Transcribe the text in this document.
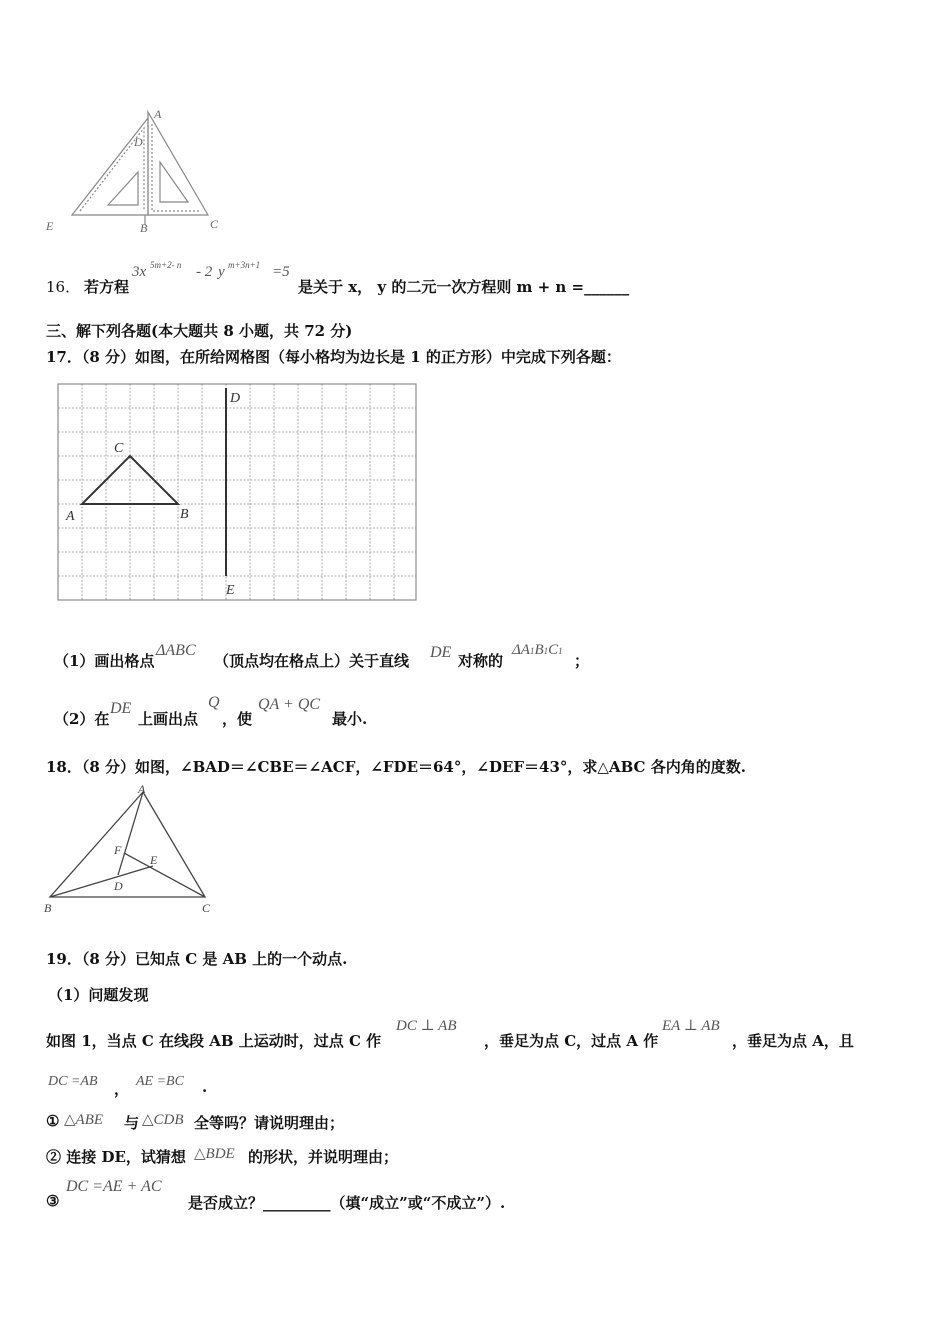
A
D
E	B	C
16． 若方程
3x 5m+2- n - 2 y m+3n+1 =5
是关于 x， y 的二元一次方程则 m + n =______
三、解下列各题(本大题共 8 小题，共 72 分)
17．（8 分）如图，在所给网格图（每小格均为边长是 1 的正方形）中完成下列各题：
A	B
C
D
E
（1）画出格点
ΔABC
（顶点均在格点上）关于直线 DE 对称的
ΔA1B1C1
；
（2）在
DE
上画出点
Q
，使
QA + QC
最小.
18．（8 分）如图，∠BAD＝∠CBE＝∠ACF，∠FDE＝64°，∠DEF＝43°，求△ABC 各内角的度数.
A
B	C
D
E
F
19．（8 分）已知点 C 是 AB 上的一个动点.
（1）问题发现
如图 1，当点 C 在线段 AB 上运动时，过点 C 作
DC ⊥ AB
，垂足为点 C，过点 A 作
EA ⊥ AB
，垂足为点 A，且
DC =AB ， AE =BC .
① △ABE 与 △CDB 全等吗？请说明理由；
② 连接 DE，试猜想 △BDE 的形状，并说明理由；
③
DC =AE + AC
是否成立？_________（填“成立”或“不成立”）.
